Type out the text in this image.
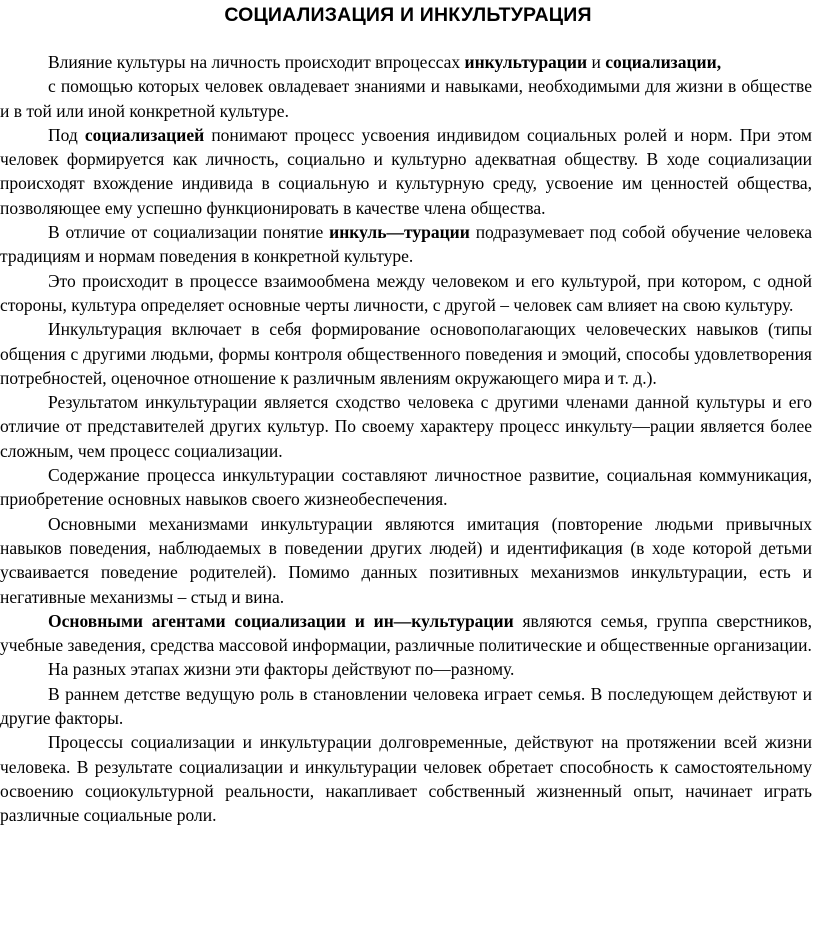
СОЦИАЛИЗАЦИЯ И ИНКУЛЬТУРАЦИЯ

Влияние культуры на личность происходит впроцессах инкультурации и социализации,

с помощью которых человек овладевает знаниями и навыками, необходимыми для жизни в обществе и в той или иной конкретной культуре.

Под социализацией понимают процесс усвоения индивидом социальных ролей и норм. При этом человек формируется как личность, социально и культурно адекватная обществу. В ходе социализации происходят вхождение индивида в социальную и культурную среду, усвоение им ценностей общества, позволяющее ему успешно функционировать в качестве члена общества.

В отличие от социализации понятие инкуль—турации подразумевает под собой обучение человека традициям и нормам поведения в конкретной культуре.

Это происходит в процессе взаимообмена между человеком и его культурой, при котором, с одной стороны, культура определяет основные черты личности, с другой – человек сам влияет на свою культуру.

Инкультурация включает в себя формирование основополагающих человеческих навыков (типы общения с другими людьми, формы контроля общественного поведения и эмоций, способы удовлетворения потребностей, оценочное отношение к различным явлениям окружающего мира и т. д.).

Результатом инкультурации является сходство человека с другими членами данной культуры и его отличие от представителей других культур. По своему характеру процесс инкульту—рации является более сложным, чем процесс социализации.

Содержание процесса инкультурации составляют личностное развитие, социальная коммуникация, приобретение основных навыков своего жизнеобеспечения.

Основными механизмами инкультурации являются имитация (повторение людьми привычных навыков поведения, наблюдаемых в поведении других людей) и идентификация (в ходе которой детьми усваивается поведение родителей). Помимо данных позитивных механизмов инкультурации, есть и негативные механизмы – стыд и вина.

Основными агентами социализации и ин—культурации являются семья, группа сверстников, учебные заведения, средства массовой информации, различные политические и общественные организации.

На разных этапах жизни эти факторы действуют по—разному.

В раннем детстве ведущую роль в становлении человека играет семья. В последующем действуют и другие факторы.

Процессы социализации и инкультурации долговременные, действуют на протяжении всей жизни человека. В результате социализации и инкультурации человек обретает способность к самостоятельному освоению социокультурной реальности, накапливает собственный жизненный опыт, начинает играть различные социальные роли.
